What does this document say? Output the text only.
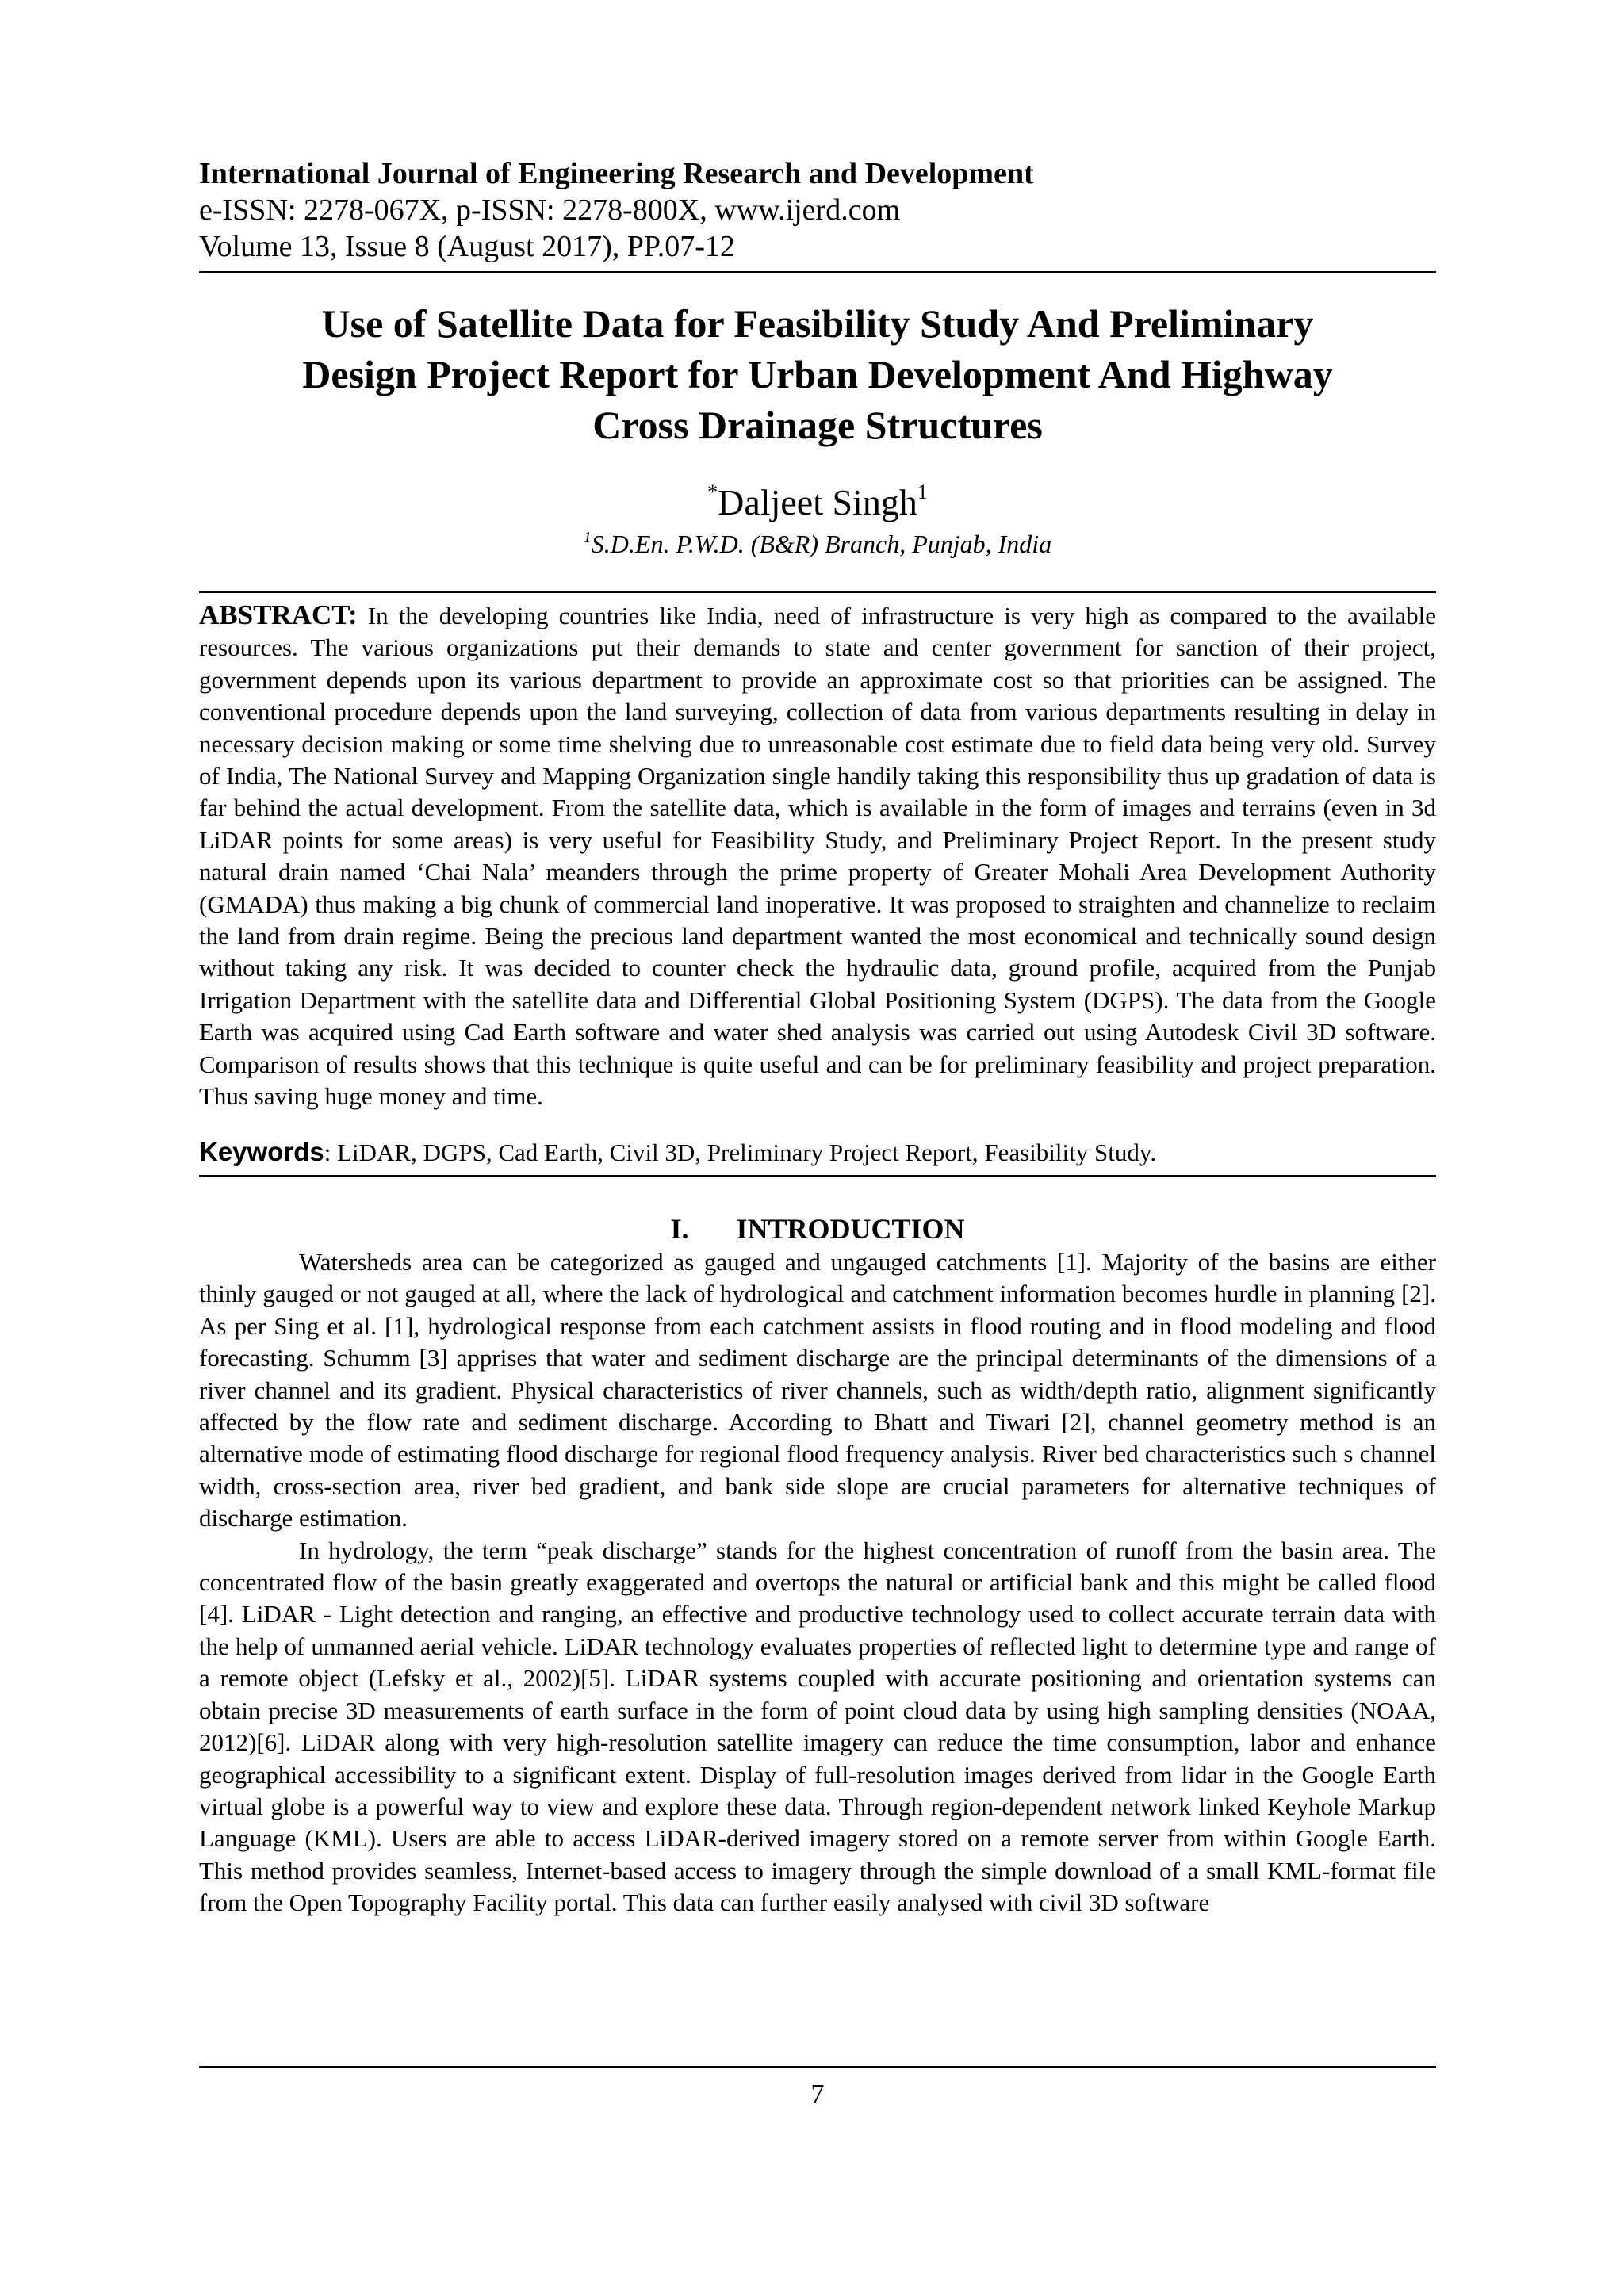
International Journal of Engineering Research and Development
e-ISSN: 2278-067X, p-ISSN: 2278-800X, www.ijerd.com
Volume 13, Issue 8 (August 2017), PP.07-12
Use of Satellite Data for Feasibility Study And Preliminary
Design Project Report for Urban Development And Highway
Cross Drainage Structures
*Daljeet Singh$^1$
$^1$S.D.En. P.W.D. (B&R) Branch, Punjab, India
ABSTRACT: In the developing countries like India, need of infrastructure is very high as compared to the available resources. The various organizations put their demands to state and center government for sanction of their project, government depends upon its various department to provide an approximate cost so that priorities can be assigned. The conventional procedure depends upon the land surveying, collection of data from various departments resulting in delay in necessary decision making or some time shelving due to unreasonable cost estimate due to field data being very old. Survey of India, The National Survey and Mapping Organization single handily taking this responsibility thus up gradation of data is far behind the actual development. From the satellite data, which is available in the form of images and terrains (even in 3d LiDAR points for some areas) is very useful for Feasibility Study, and Preliminary Project Report. In the present study natural drain named ‘Chai Nala’ meanders through the prime property of Greater Mohali Area Development Authority (GMADA) thus making a big chunk of commercial land inoperative. It was proposed to straighten and channelize to reclaim the land from drain regime. Being the precious land department wanted the most economical and technically sound design without taking any risk. It was decided to counter check the hydraulic data, ground profile, acquired from the Punjab Irrigation Department with the satellite data and Differential Global Positioning System (DGPS). The data from the Google Earth was acquired using Cad Earth software and water shed analysis was carried out using Autodesk Civil 3D software. Comparison of results shows that this technique is quite useful and can be for preliminary feasibility and project preparation. Thus saving huge money and time.
Keywords: LiDAR, DGPS, Cad Earth, Civil 3D, Preliminary Project Report, Feasibility Study.
I. INTRODUCTION

Watersheds area can be categorized as gauged and ungauged catchments [1]. Majority of the basins are either thinly gauged or not gauged at all, where the lack of hydrological and catchment information becomes hurdle in planning [2]. As per Sing et al. [1], hydrological response from each catchment assists in flood routing and in flood modeling and flood forecasting. Schumm [3] apprises that water and sediment discharge are the principal determinants of the dimensions of a river channel and its gradient. Physical characteristics of river channels, such as width/depth ratio, alignment significantly affected by the flow rate and sediment discharge. According to Bhatt and Tiwari [2], channel geometry method is an alternative mode of estimating flood discharge for regional flood frequency analysis. River bed characteristics such s channel width, cross-section area, river bed gradient, and bank side slope are crucial parameters for alternative techniques of discharge estimation.

In hydrology, the term “peak discharge” stands for the highest concentration of runoff from the basin area. The concentrated flow of the basin greatly exaggerated and overtops the natural or artificial bank and this might be called flood [4]. LiDAR - Light detection and ranging, an effective and productive technology used to collect accurate terrain data with the help of unmanned aerial vehicle. LiDAR technology evaluates properties of reflected light to determine type and range of a remote object (Lefsky et al., 2002)[5]. LiDAR systems coupled with accurate positioning and orientation systems can obtain precise 3D measurements of earth surface in the form of point cloud data by using high sampling densities (NOAA, 2012)[6]. LiDAR along with very high-resolution satellite imagery can reduce the time consumption, labor and enhance geographical accessibility to a significant extent. Display of full-resolution images derived from lidar in the Google Earth virtual globe is a powerful way to view and explore these data. Through region-dependent network linked Keyhole Markup Language (KML). Users are able to access LiDAR-derived imagery stored on a remote server from within Google Earth. This method provides seamless, Internet-based access to imagery through the simple download of a small KML-format file from the Open Topography Facility portal. This data can further easily analysed with civil 3D software

7
